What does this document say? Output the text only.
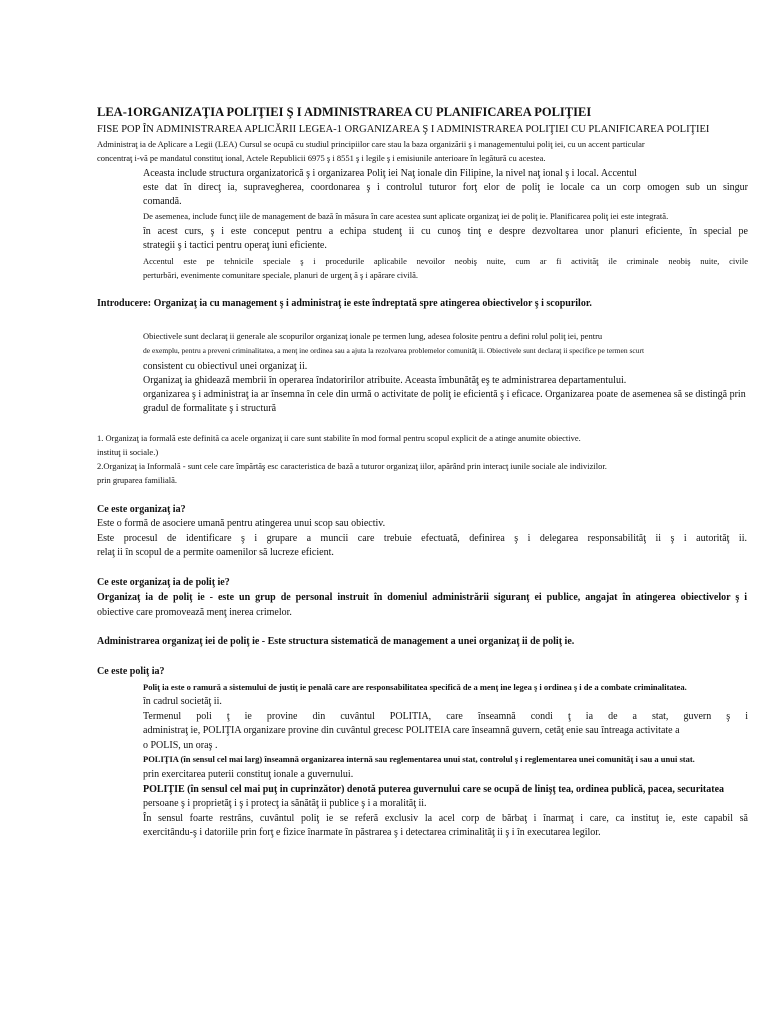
LEA-1ORGANIZAŢIA POLIŢIEI Ş I ADMINISTRAREA CU PLANIFICAREA POLIŢIEI
FISE POP ÎN ADMINISTRAREA APLICĂRII LEGEA-1 ORGANIZAREA Ş I ADMINISTRAREA POLIŢIEI CU PLANIFICAREA POLIŢIEI
Administraţ ia de Aplicare a Legii (LEA) Cursul se ocupă cu studiul principiilor care stau la baza organizării ş i managementului poliţ iei, cu un accent particular
concentraţ i-vă pe mandatul constituţ ional, Actele Republicii 6975 ş i 8551 ş i legile ş i emisiunile anterioare în legătură cu acestea.
Aceasta include structura organizatorică ş i organizarea Poliţ iei Naţ ionale din Filipine, la nivel naţ ional ş i local. Accentul
este dat în direcţ ia, supravegherea, coordonarea ş i controlul tuturor forţ elor de poliţ ie locale ca un corp omogen sub un singur
comandă.
De asemenea, include funcţ iile de management de bază în măsura în care acestea sunt aplicate organizaţ iei de poliţ ie. Planificarea poliţ iei este integrată.
în acest curs, ş i este conceput pentru a echipa studenţ ii cu cunoş tinţ e despre dezvoltarea unor planuri eficiente, în special pe
strategii ş i tactici pentru operaţ iuni eficiente.
Accentul este pe tehnicile speciale ş i procedurile aplicabile nevoilor neobiş nuite, cum ar fi activităţ ile criminale neobiş nuite, civile
perturbări, evenimente comunitare speciale, planuri de urgenţ ă ş i apărare civilă.
Introducere: Organizaţ ia cu management ş i administraţ ie este îndreptată spre atingerea obiectivelor ş i scopurilor.
Obiectivele sunt declaraţ ii generale ale scopurilor organizaţ ionale pe termen lung, adesea folosite pentru a defini rolul poliţ iei, pentru
de exemplu, pentru a preveni criminalitatea, a menţ ine ordinea sau a ajuta la rezolvarea problemelor comunităţ ii. Obiectivele sunt declaraţ ii specifice pe termen scurt
consistent cu obiectivul unei organizaţ ii.
Organizaţ ia ghidează membrii în operarea îndatoririlor atribuite. Aceasta îmbunătăţ eş te administrarea departamentului.
organizarea ş i administraţ ia ar însemna în cele din urmă o activitate de poliţ ie eficientă ş i eficace. Organizarea poate de asemenea să se distingă prin
gradul de formalitate ş i structură
1. Organizaţ ia formală este definită ca acele organizaţ ii care sunt stabilite în mod formal pentru scopul explicit de a atinge anumite obiective.
instituţ ii sociale.)
2.Organizaţ ia Informală - sunt cele care împărtăş esc caracteristica de bază a tuturor organizaţ iilor, apărând prin interacţ iunile sociale ale indivizilor.
prin gruparea familială.
Ce este organizaţ ia?
Este o formă de asociere umană pentru atingerea unui scop sau obiectiv.
Este procesul de identificare ş i grupare a muncii care trebuie efectuată, definirea ş i delegarea responsabilităţ ii ş i autorităţ ii.
relaţ ii în scopul de a permite oamenilor să lucreze eficient.
Ce este organizaţ ia de poliţ ie?
Organizaţ ia de poliţ ie - este un grup de personal instruit în domeniul administrării siguranţ ei publice, angajat în atingerea obiectivelor ş i
obiective care promovează menţ inerea crimelor.
Administrarea organizaţ iei de poliţ ie - Este structura sistematică de management a unei organizaţ ii de poliţ ie.
Ce este poliţ ia?
Poliţ ia este o ramură a sistemului de justiţ ie penală care are responsabilitatea specifică de a menţ ine legea ş i ordinea ş i de a combate criminalitatea.
în cadrul societăţ ii.
Termenul poli ţ ie provine din cuvântul POLITIA, care înseamnă condi ţ ia de a stat, guvern ş i
administraţ ie, POLIŢIA organizare provine din cuvântul grecesc POLITEIA care înseamnă guvern, cetăţ enie sau întreaga activitate a
o POLIS, un oraş .
POLIŢIA (în sensul cel mai larg) înseamnă organizarea internă sau reglementarea unui stat, controlul ş i reglementarea unei comunităţ i sau a unui stat.
prin exercitarea puterii constituţ ionale a guvernului.
POLIŢIE (în sensul cel mai puţ in cuprinzător) denotă puterea guvernului care se ocupă de linişţ tea, ordinea publică, pacea, securitatea
persoane ş i proprietăţ i ş i protecţ ia sănătăţ ii publice ş i a moralităţ ii.
În sensul foarte restrâns, cuvântul poliţ ie se referă exclusiv la acel corp de bărbaţ i înarmaţ i care, ca instituţ ie, este capabil să
exercitându-ş i datoriile prin forţ e fizice înarmate în păstrarea ş i detectarea criminalităţ ii ş i în executarea legilor.
